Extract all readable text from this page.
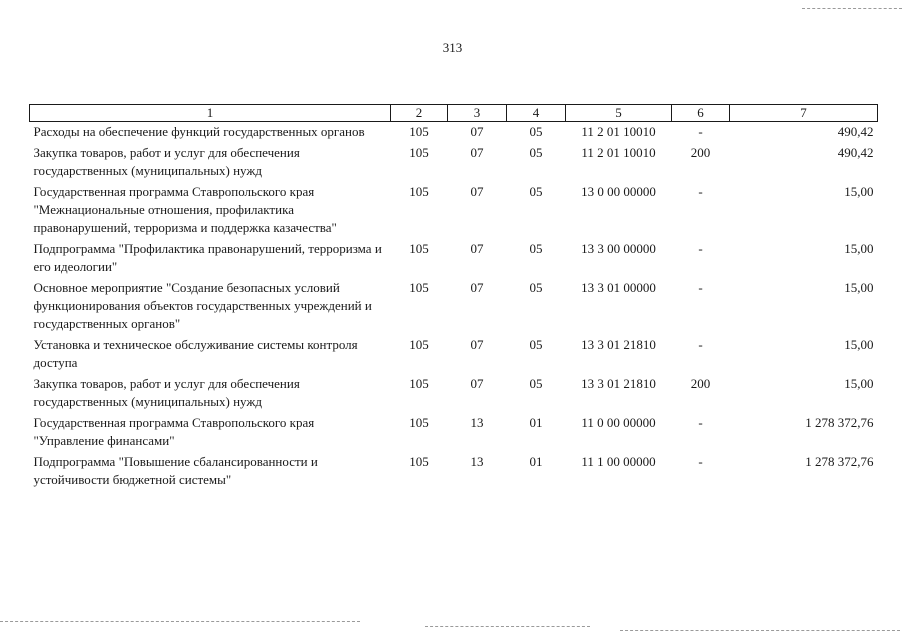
313
1	2	3	4	5	6	7
Расходы на обеспечение функций государственных органов	105	07	05	11 2 01 10010	-	490,42
Закупка товаров, работ и услуг для обеспечения государственных (муниципальных) нужд	105	07	05	11 2 01 10010	200	490,42
Государственная программа Ставропольского края "Межнациональные отношения, профилактика правонарушений, терроризма и поддержка казачества"	105	07	05	13 0 00 00000	-	15,00
Подпрограмма "Профилактика правонарушений, терроризма и его идеологии"	105	07	05	13 3 00 00000	-	15,00
Основное мероприятие "Создание безопасных условий функционирования объектов государственных учреждений и государственных органов"	105	07	05	13 3 01 00000	-	15,00
Установка и техническое обслуживание системы контроля доступа	105	07	05	13 3 01 21810	-	15,00
Закупка товаров, работ и услуг для обеспечения государственных (муниципальных) нужд	105	07	05	13 3 01 21810	200	15,00
Государственная программа Ставропольского края "Управление финансами"	105	13	01	11 0 00 00000	-	1 278 372,76
Подпрограмма "Повышение сбалансированности и устойчивости бюджетной системы"	105	13	01	11 1 00 00000	-	1 278 372,76
